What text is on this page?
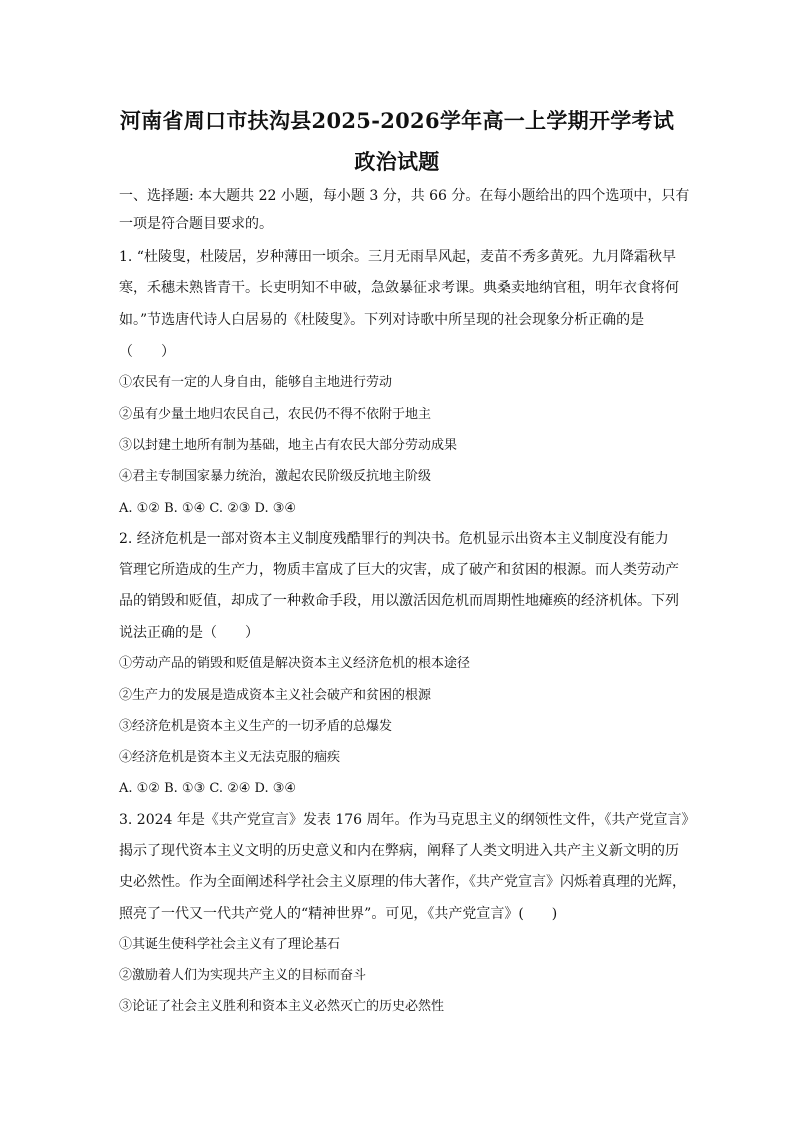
河南省周口市扶沟县2025-2026学年高一上学期开学考试
政治试题
一、选择题: 本大题共 22 小题，每小题 3 分，共 66 分。在每小题给出的四个选项中，只有
一项是符合题目要求的。
1. “杜陵叟，杜陵居，岁种薄田一顷余。三月无雨旱风起，麦苗不秀多黄死。九月降霜秋早
寒，禾穗未熟皆青干。长吏明知不申破，急敛暴征求考课。典桑卖地纳官租，明年衣食将何
如。”节选唐代诗人白居易的《杜陵叟》。下列对诗歌中所呈现的社会现象分析正确的是
（　　）
①农民有一定的人身自由，能够自主地进行劳动
②虽有少量土地归农民自己，农民仍不得不依附于地主
③以封建土地所有制为基础，地主占有农民大部分劳动成果
④君主专制国家暴力统治，激起农民阶级反抗地主阶级
A. ①② B. ①④ C. ②③ D. ③④
2. 经济危机是一部对资本主义制度残酷罪行的判决书。危机显示出资本主义制度没有能力
管理它所造成的生产力，物质丰富成了巨大的灾害，成了破产和贫困的根源。而人类劳动产
品的销毁和贬值，却成了一种救命手段，用以激活因危机而周期性地瘫痪的经济机体。下列
说法正确的是（　　）
①劳动产品的销毁和贬值是解决资本主义经济危机的根本途径
②生产力的发展是造成资本主义社会破产和贫困的根源
③经济危机是资本主义生产的一切矛盾的总爆发
④经济危机是资本主义无法克服的痼疾
A. ①② B. ①③ C. ②④ D. ③④
3. 2024 年是《共产党宣言》发表 176 周年。作为马克思主义的纲领性文件，《共产党宣言》
揭示了现代资本主义文明的历史意义和内在弊病，阐释了人类文明进入共产主义新文明的历
史必然性。作为全面阐述科学社会主义原理的伟大著作，《共产党宣言》闪烁着真理的光辉，
照亮了一代又一代共产党人的“精神世界”。可见，《共产党宣言》(　　)
①其诞生使科学社会主义有了理论基石
②激励着人们为实现共产主义的目标而奋斗
③论证了社会主义胜利和资本主义必然灭亡的历史必然性
